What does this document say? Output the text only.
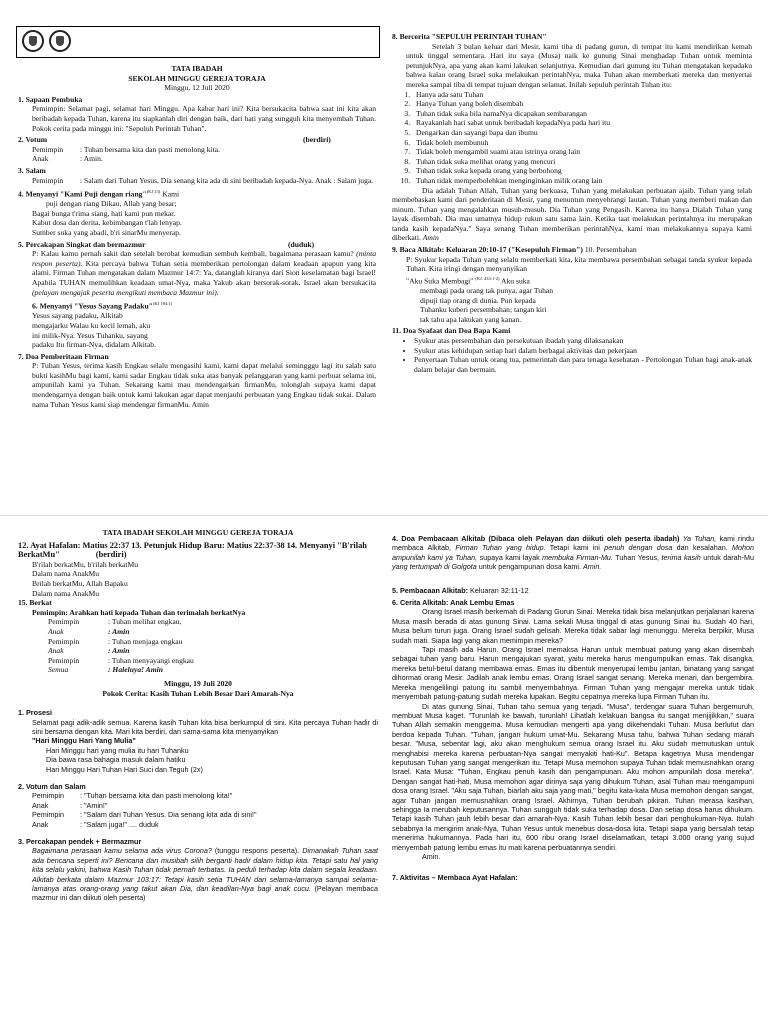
TATA IBADAH
SEKOLAH MINGGU GEREJA TORAJA
Minggu, 12 Juli 2020
1. Sapaan Pembuka

Pemimpin: Selamat pagi, selamat hari Minggu. Apa kabar hari ini? Kita bersukacita bahwa saat ini kita akan beribadah kepada Tuhan, karena itu siapkanlah diri dengan baik, dari hati yang sungguh kita menyembah Tuhan. Pokok cerita pada minggu ini: "Sepuluh Perintah Tuhan".

2. Votum	(berdiri)
Pemimpin : Tuhan bersama kita dan pasti menolong kita.
Anak	: Amin.
3. Salam
Pemimpin : Salam dari Tuhan Yesus, Dia senang kita ada di sini beribadah kepada-Nya. Anak : Salam juga.
4. Menyanyi "Kami Puji dengan riang"$^{(KJ 13)}$ Kami
puji dengan riang Dikau, Allah yang besar;
Bagai bunga t'rima siang, hati kami pun mekar.
Kabut dosa dan derita, kebimbangan t'lah lenyap.
Sumber suka yang abadi, b'ri sinarMu menyerap.
5. Percakapan Singkat dan bermazmur	(duduk)

P: Kalau kamu pernah sakit dan setelah berobat kemudian sembuh kembali, bagaimana perasaan kamu? (minta respon peserta). Kita percaya bahwa Tuhan setia memberikan pertolongan dalam keadaan apapun yang kita alami. Firman Tuhan mengatakan dalam Mazmur 14:7: Ya, datanglah kiranya dari Sion keselamatan bagi Israel! Apabila TUHAN memulihkan keadaan umat-Nya, maka Yakub akan bersorak-sorak, Israel akan bersukacita (pelayan mengajak peserta mengikuti membaca Mazmur ini).

6. Menyanyi "Yesus Sayang Padaku"$^{(KJ 184:1)}$
Yesus sayang padaku, Alkitab
mengajarku Walau ku kecil lemah, aku
ini milik-Nya. Yesus Tuhanku, sayang
padaku Itu firman-Nya, didalam Alkitab.
7. Doa Pemberitaan Firman

P: Tuhan Yesus, terima kasih Engkau selalu mengasihi kami, kami dapat melalui semingggu lagi itu salah satu bukti kasihMu bagi kami, kami sadar Engkau tidak suka atas banyak pelanggaran yang kami perbuat selama ini, ampunilah kami ya Tuhan. Sekarang kami mau mendengarkan firmanMu, tolonglah supaya kami dapat mendengarnya dengan baik untuk kami lakukan agar dapat menjauhi perbuatan yang Engkau tidak sukai. Dalam nama Tuhan Yesus kami siap mendengar firmanMu. Amin

8. Bercerita "SEPULUH PERINTAH TUHAN"

Setelah 3 bulan keluar dari Mesir, kami tiba di padang gurun, di tempat itu kami mendirikan kemah untuk tinggal sementara. Hari itu saya (Musa) naik ke gunung Sinai menghadap Tuhan untuk meminta petunjukNya, apa yang akan kami lakukan selanjutnya. Kemudian dari gunung itu Tuhan mengatakan kepadaku bahwa kalau orang Israel suka melakukan perintahNya, maka Tuhan akan memberkati mereka dan menyertai mereka sampai tiba di tempat tujuan dengan selamat. Inilah sepuluh perintah Tuhan itu:

1. Hanya ada satu Tuhan
2. Hanya Tuhan yang boleh disembah
3. Tuhan tidak suka bila namaNya dicapakan sembarangan
4. Rayakanlah hari sabat untuk beribadah kepadaNya pada hari itu
5. Dengarkan dan sayangi bapa dan ibumu
6. Tidak boleh membunuh
7. Tidak boleh mengambil suami atau istrinya orang lain
8. Tuhan tidak suka melihat orang yang mencuri
9. Tuhan tidak suka kepada orang yang berbohong
10. Tuhan tidak memperbolehkan menginginkan milik orang lain

Dia adalah Tuhan Allah, Tuhan yang berkuasa, Tuhan yang melakukan perbuatan ajaib. Tuhan yang telah membebaskan kami dari penderitaan di Mesir, yang menuntun menyebrangi lautan. Tuhan yang memberi makan dan minum. Tuhan yang mengalahkan musuh-musuh. Dia Tuhan yang Pengasih. Karena itu hanya Dialah Tuhan yang layak disembah. Dia mau umatnya hidup rukun satu sama lain. Ketika taat melakukan perintahnya itu merupakan tanda kasih kepadaNya." Saya senang Tuhan memberikan perintahNya, kami mau melakukannya supaya kami diberkati. Amin

9. Baca Alkitab: Keluaran 20:10-17 ("Kesepuluh Firman") 10. Persembahan

P: Syukur kepada Tuhan yang selalu memberkati kita, kita membawa persembahan sebagai tanda syukur kepada Tuhan. Kita iringi dengan menyanyikan

"Aku Suka Membagi" $^{(KJ. 433:1-2)}$ Aku suka
membagi pada orang tak punya, agar Tuhan
dipuji tiap orang di dunia. Pun kepada
Tuhanku kuberi persembahan; tangan kiri
tak tahu apa lakukan yang kanan.
11. Doa Syafaat dan Doa Bapa Kami
• Syukur atas persembahan dan persekutuan ibadah yang dilaksanakan
• Syukur atas kehidupan setiap hari dalam berbagai aktivitas dan pekerjaan
• Penyertaan Tuhan untuk orang tua, pemerintah dan para tenaga kesehatan - Pertolongan Tuhan bagi anak-anak dalam belajar dan bermain.
TATA IBADAH SEKOLAH MINGGU GEREJA TORAJA
12. Ayat Hafalan: Matius 22:37 13. Petunjuk Hidup Baru: Matius 22:37-38 14. Menyanyi "B'rilah BerkatMu"	(berdiri)
B'rilah berkatMu, b'rilah berkatMu
Dalam nama AnakMu
Brilah berkatMu, Allah Bapaku
Dalam nama AnakMu
15. Berkat
Pemimpin: Arahkan hati kepada Tuhan dan terimalah berkatNya
Pemimpin	: Tuhan melihat engkau,
Anak	: Amin
Pemimpin	: Tuhan menjaga engkau
Anak	: Amin
Pemimpin	: Tuhan menyayangi engkau
Semua	: Haleluya! Amin
Minggu, 19 Juli 2020
Pokok Cerita: Kasih Tuhan Lebih Besar Dari Amarah-Nya
1. Prosesi

Selamat pagi adik-adik semua. Karena kasih Tuhan kita bisa berkumpul di sini. Kita percaya Tuhan hadir di sini bersama dengan kita. Mari kita berdiri, dan sama-sama kita menyanyikan

"Hari Minggu Hari Yang Mulia"
Hari Minggu hari yang mulia itu hari Tuhanku
Dia bawa rasa bahagia masuk dalam hatiku
Hari Minggu Hari Tuhan Hari Suci dan Teguh (2x)
2. Votum dan Salam
Pemimpin : "Tuhan bersama kita dan pasti menolong kita!"
Anak	: "Amin!"
Pemimpin : "Salam dari Tuhan Yesus. Dia senang kita ada di sini!"
Anak	: "Salam juga!" .... duduk
3. Percakapan pendek + Bermazmur

Bagaimana perasaan kamu selama ada virus Corona? (tunggu respons peserta). Dimanakah Tuhan saat ada bencana seperti ini? Bencana dan musibah silih berganti hadir dalam hidup kita. Tetapi satu hal yang kita selalu yakini, bahwa Kasih Tuhan tidak pernah terbatas. Ia peduli terhadap kita dalam segala keadaan. Alkitab berkata dalam Mazmur 103:17: Tetapi kasih setia TUHAN dari selama-lamanya sampai selama-lamanya atas orang-orang yang takut akan Dia, dan keadilan-Nya bagi anak cucu. (Pelayan membaca mazmur ini dan diikuti oleh peserta)

4. Doa Pembacaan Alkitab (Dibaca oleh Pelayan dan diikuti oleh peserta ibadah) Ya Tuhan, kami rindu membaca Alkitab, Firman Tuhan yang hidup. Tetapi kami ini penuh dengan dosa dan kesalahan. Mohon ampunilah kami ya Tuhan, supaya kami layak membuka Firman-Mu. Tuhan Yesus, terima kasih untuk darah-Mu yang tertumpah di Golgota untuk pengampunan dosa kami. Amin.

5. Pembacaan Alkitab: Keluaran 32:11-12
6. Cerita Alkitab: Anak Lembu Emas

Orang Israel masih berkemah di Padang Gurun Sinai. Mereka tidak bisa melanjutkan perjalanan karena Musa masih berada di atas gunung Sinai. Lama sekali Musa tinggal di atas gunung Sinai itu. Sudah 40 hari, Musa belum turun juga. Orang Israel sudah gelisah. Mereka tidak sabar lagi menunggu. Mereka berpikir, Musa sudah mati. Siapa lagi yang akan memimpin mereka?

Tapi masih ada Harun. Orang Israel memaksa Harun untuk membuat patung yang akan disembah sebagai tuhan yang baru. Harun mengajukan syarat, yaitu mereka harus mengumpulkan emas. Tak disangka, mereka betul-betul datang membawa emas. Emas itu dibentuk menyerupai lembu jantan, binatang yang sangat dihormati orang Mesir. Jadilah anak lembu emas. Orang Israel sangat senang. Mereka menari, dan bergembira. Mereka mengelilingi patung itu sambil menyembahnya. Firman Tuhan yang mengajar mereka untuk tidak menyembah patung-patung sudah mereka lupakan. Begitu cepatnya mereka lupa Firman Tuhan itu.

Di atas gunung Sinai, Tuhan tahu semua yang terjadi. "Musa", terdengar suara Tuhan bergemuruh, membuat Musa kaget. "Turunlah ke bawah, turunlah! Lihatlah kelakuan bangsa itu sangat menjijikkan," suara Tuhan Allah semakin menggema. Musa kemudian mengerti apa yang dikehendaki Tuhan. Musa berlutut dan berdoa kepada Tuhan. "Tuhan, jangan hukum umat-Mu. Sekarang Musa tahu, bahwa Tuhan sedang marah besar. "Musa, sebentar lagi, aku akan menghukum semua orang Israel itu. Aku sudah memutuskan untuk menghabisi mereka karena perbuatan-Nya sangat menyakiti hati-Ku". Betapa kagetnya Musa mendengar keputusan Tuhan yang sangat mengerikan itu. Tetapi Musa memohon supaya Tuhan tidak memusnahkan orang Israel. Kata Musa: "Tuhan, Engkau penuh kasih dan pengampunan. Aku mohon ampunilah dosa mereka". Dengan sangat hati-hati, Musa memohon agar dirinya saja yang dihukum Tuhan, asal Tuhan mau mengampuni dosa orang Israel. "Aku saja Tuhan, biarlah aku saja yang mati," begitu kata-kata Musa memohon dengan sangat, agar Tuhan jangan memusnahkan orang Israel. Akhirnya, Tuhan berubah pikiran. Tuhan merasa kasihan, sehingga Ia merubah keputusannya. Tuhan sungguh tidak suka terhadap dosa. Dan setiap dosa harus dihukum. Tetapi kasih Tuhan jauh lebih besar dari amarah-Nya. Kasih Tuhan lebih besar dari penghukuman-Nya. Itulah sebabnya Ia mengirim anak-Nya, Tuhan Yesus untuk menebus dosa-dosa kita. Tetapi siapa yang bersalah tetap menerima hukumannya. Pada hari itu, 600 ribu orang Israel diselamatkan, tetapi 3.000 orang yang sujud menyembah patung lembu emas itu mati karena perbuatannya sendiri.

Amin.

7. Aktivitas – Membaca Ayat Hafalan:
